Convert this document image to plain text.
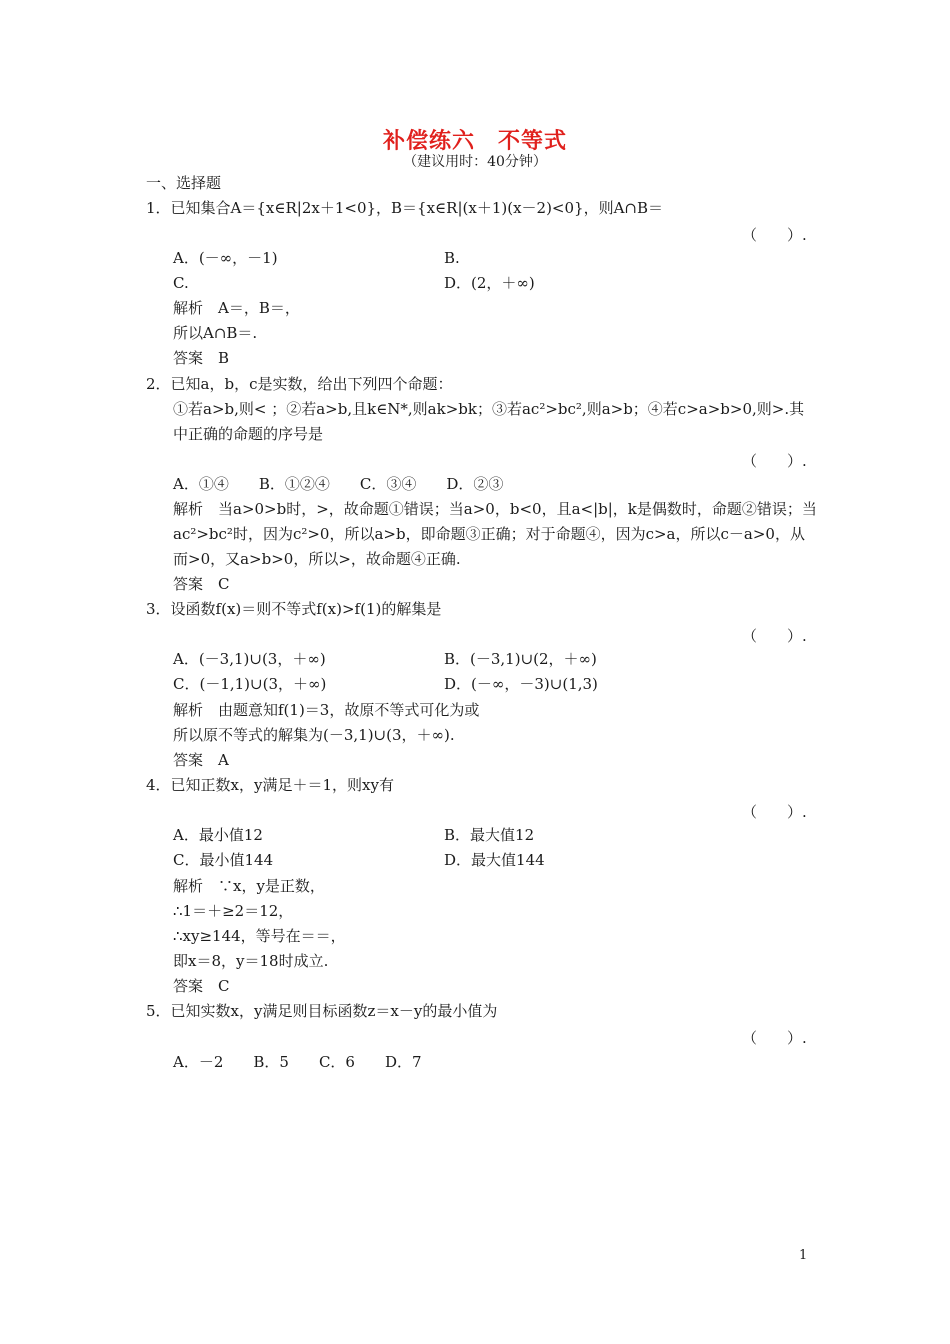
补偿练六　不等式
（建议用时：40分钟）
一、选择题
1．已知集合A＝{x∈R|2x＋1<0}，B＝{x∈R|(x＋1)(x－2)<0}，则A∩B＝
（　　）.
A．(－∞，－1)	B.
C.	D．(2，＋∞)
解析　A＝，B＝，
所以A∩B＝.
答案　B
2．已知a，b，c是实数，给出下列四个命题：
①若a>b,则< ；②若a>b,且k∈N*,则ak>bk；③若ac²>bc²,则a>b；④若c>a>b>0,则>.其
中正确的命题的序号是
（　　）.
A．①④　　B．①②④　　C．③④　　D．②③
解析　当a>0>b时，>，故命题①错误；当a>0，b<0，且a<|b|，k是偶数时，命题②错误；当
ac²>bc²时，因为c²>0，所以a>b，即命题③正确；对于命题④，因为c>a，所以c－a>0，从
而>0，又a>b>0，所以>，故命题④正确.
答案　C
3．设函数f(x)＝则不等式f(x)>f(1)的解集是
（　　）.
A．(－3,1)∪(3，＋∞)	B．(－3,1)∪(2，＋∞)
C．(－1,1)∪(3，＋∞)	D．(－∞，－3)∪(1,3)
解析　由题意知f(1)＝3，故原不等式可化为或
所以原不等式的解集为(－3,1)∪(3，＋∞).
答案　A
4．已知正数x，y满足＋＝1，则xy有
（　　）.
A．最小值12	B．最大值12
C．最小值144	D．最大值144
解析　∵x，y是正数，
∴1＝＋≥2＝12，
∴xy≥144，等号在＝＝，
即x＝8，y＝18时成立.
答案　C
5．已知实数x，y满足则目标函数z＝x－y的最小值为
（　　）.
A．－2　　B．5　　C．6　　D．7
1
